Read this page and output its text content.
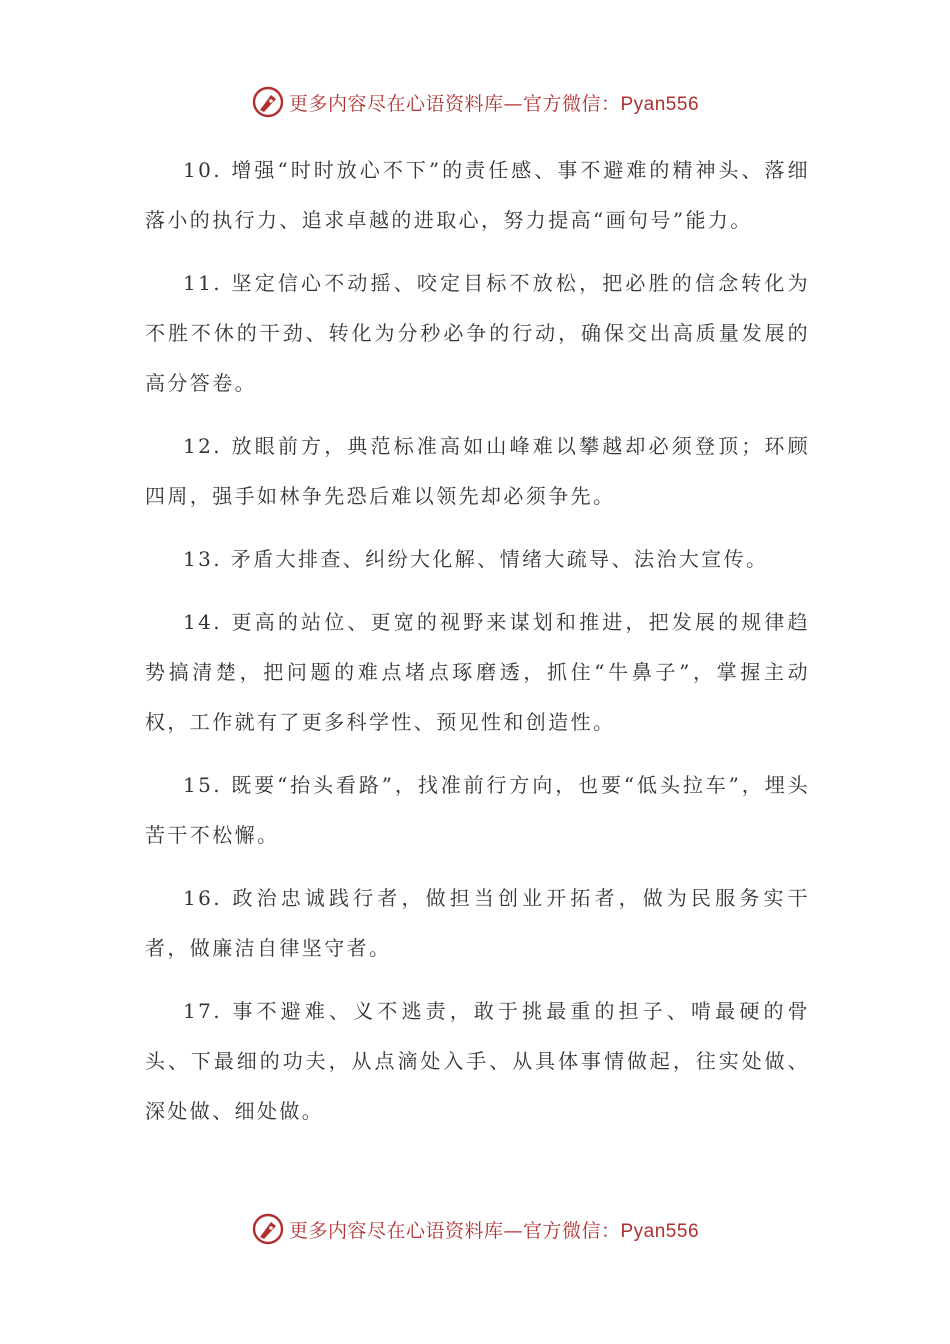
更多内容尽在心语资料库—官方微信：Pyan556

10. 增强“时时放心不下”的责任感、事不避难的精神头、落细落小的执行力、追求卓越的进取心，努力提高“画句号”能力。

11. 坚定信心不动摇、咬定目标不放松，把必胜的信念转化为不胜不休的干劲、转化为分秒必争的行动，确保交出高质量发展的高分答卷。

12. 放眼前方，典范标准高如山峰难以攀越却必须登顶；环顾四周，强手如林争先恐后难以领先却必须争先。

13. 矛盾大排查、纠纷大化解、情绪大疏导、法治大宣传。

14. 更高的站位、更宽的视野来谋划和推进，把发展的规律趋势搞清楚，把问题的难点堵点琢磨透，抓住“牛鼻子”，掌握主动权，工作就有了更多科学性、预见性和创造性。

15. 既要“抬头看路”，找准前行方向，也要“低头拉车”，埋头苦干不松懈。

16. 政治忠诚践行者，做担当创业开拓者，做为民服务实干者，做廉洁自律坚守者。

17. 事不避难、义不逃责，敢于挑最重的担子、啃最硬的骨头、下最细的功夫，从点滴处入手、从具体事情做起，往实处做、深处做、细处做。

更多内容尽在心语资料库—官方微信：Pyan556
